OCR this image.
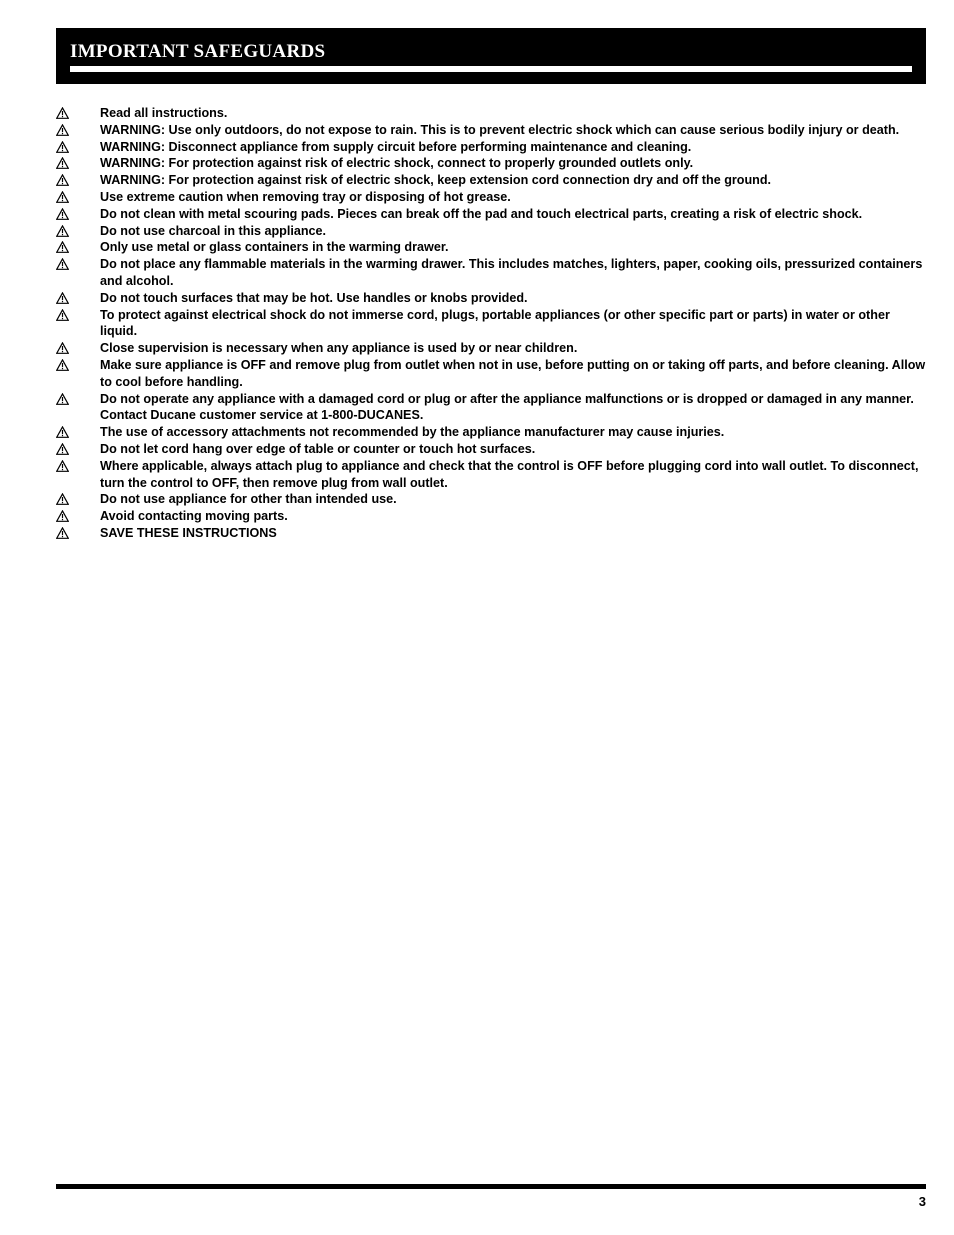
IMPORTANT SAFEGUARDS
Read all instructions.
WARNING: Use only outdoors, do not expose to rain. This is to prevent electric shock which can cause serious bodily injury or death.
WARNING: Disconnect appliance from supply circuit before performing maintenance and cleaning.
WARNING: For protection against risk of electric shock, connect to properly grounded outlets only.
WARNING: For protection against risk of electric shock, keep extension cord connection dry and off the ground.
Use extreme caution when removing tray or disposing of hot grease.
Do not clean with metal scouring pads. Pieces can break off the pad and touch electrical parts, creating a risk of electric shock.
Do not use charcoal in this appliance.
Only use metal or glass containers in the warming drawer.
Do not place any flammable materials in the warming drawer. This includes matches, lighters, paper, cooking oils, pressurized containers and alcohol.
Do not touch surfaces that may be hot. Use handles or knobs provided.
To protect against electrical shock do not immerse cord, plugs, portable appliances (or other specific part or parts) in water or other liquid.
Close supervision is necessary when any appliance is used by or near children.
Make sure appliance is OFF and remove plug from outlet when not in use, before putting on or taking off parts, and before cleaning. Allow to cool before handling.
Do not operate any appliance with a damaged cord or plug or after the appliance malfunctions or is dropped or damaged in any manner. Contact Ducane customer service at 1-800-DUCANES.
The use of accessory attachments not recommended by the appliance manufacturer may cause injuries.
Do not let cord hang over edge of table or counter or touch hot surfaces.
Where applicable, always attach plug to appliance and check that the control is OFF before plugging cord into wall outlet. To disconnect, turn the control to OFF, then remove plug from wall outlet.
Do not use appliance for other than intended use.
Avoid contacting moving parts.
SAVE THESE INSTRUCTIONS
3
